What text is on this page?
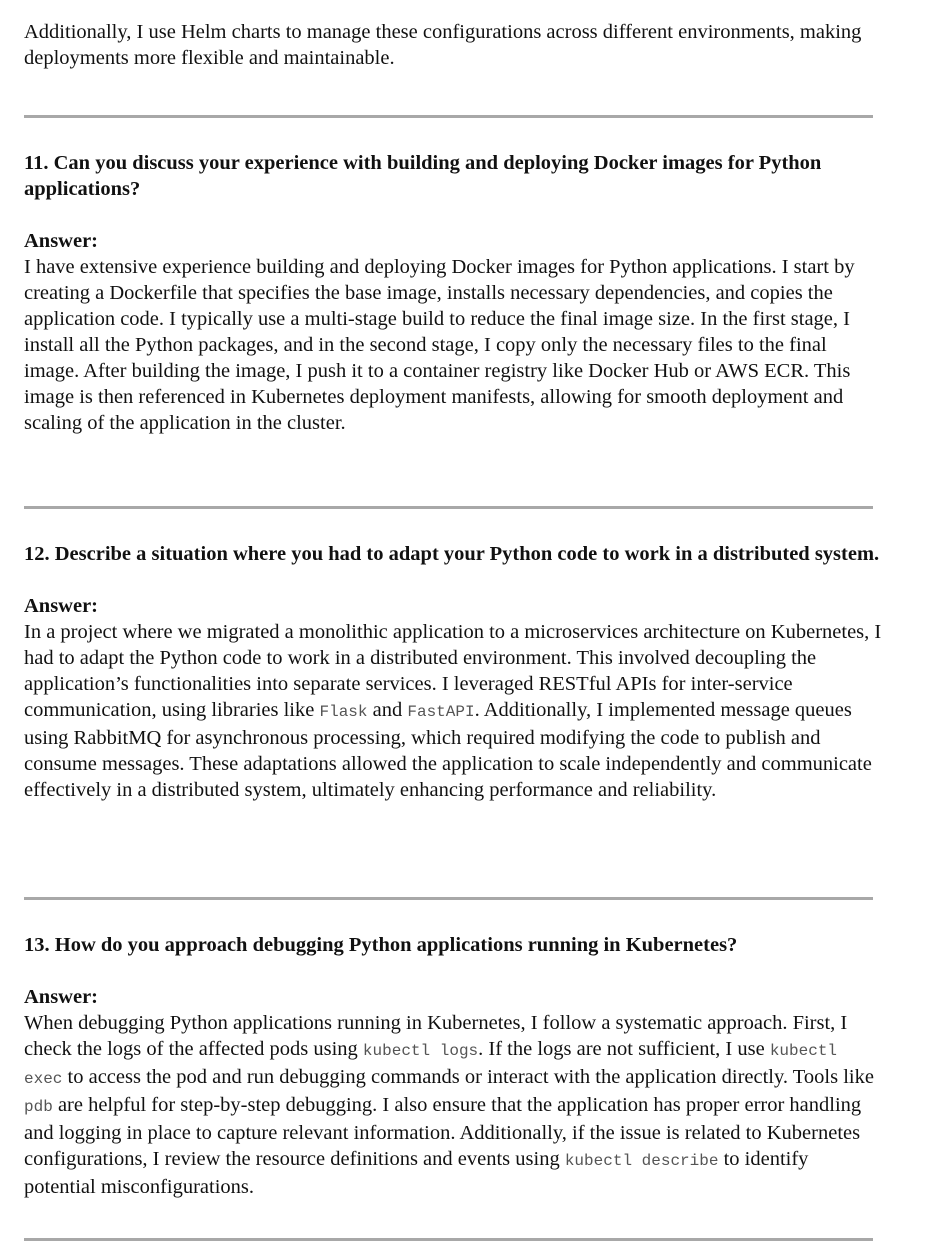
Additionally, I use Helm charts to manage these configurations across different environments, making deployments more flexible and maintainable.

11. Can you discuss your experience with building and deploying Docker images for Python applications?

Answer:

I have extensive experience building and deploying Docker images for Python applications. I start by creating a Dockerfile that specifies the base image, installs necessary dependencies, and copies the application code. I typically use a multi-stage build to reduce the final image size. In the first stage, I install all the Python packages, and in the second stage, I copy only the necessary files to the final image. After building the image, I push it to a container registry like Docker Hub or AWS ECR. This image is then referenced in Kubernetes deployment manifests, allowing for smooth deployment and scaling of the application in the cluster.

12. Describe a situation where you had to adapt your Python code to work in a distributed system.

Answer:

In a project where we migrated a monolithic application to a microservices architecture on Kubernetes, I had to adapt the Python code to work in a distributed environment. This involved decoupling the application’s functionalities into separate services. I leveraged RESTful APIs for inter-service communication, using libraries like Flask and FastAPI. Additionally, I implemented message queues using RabbitMQ for asynchronous processing, which required modifying the code to publish and consume messages. These adaptations allowed the application to scale independently and communicate effectively in a distributed system, ultimately enhancing performance and reliability.

13. How do you approach debugging Python applications running in Kubernetes?

Answer:

When debugging Python applications running in Kubernetes, I follow a systematic approach. First, I check the logs of the affected pods using kubectl logs. If the logs are not sufficient, I use kubectl exec to access the pod and run debugging commands or interact with the application directly. Tools like pdb are helpful for step-by-step debugging. I also ensure that the application has proper error handling and logging in place to capture relevant information. Additionally, if the issue is related to Kubernetes configurations, I review the resource definitions and events using kubectl describe to identify potential misconfigurations.
